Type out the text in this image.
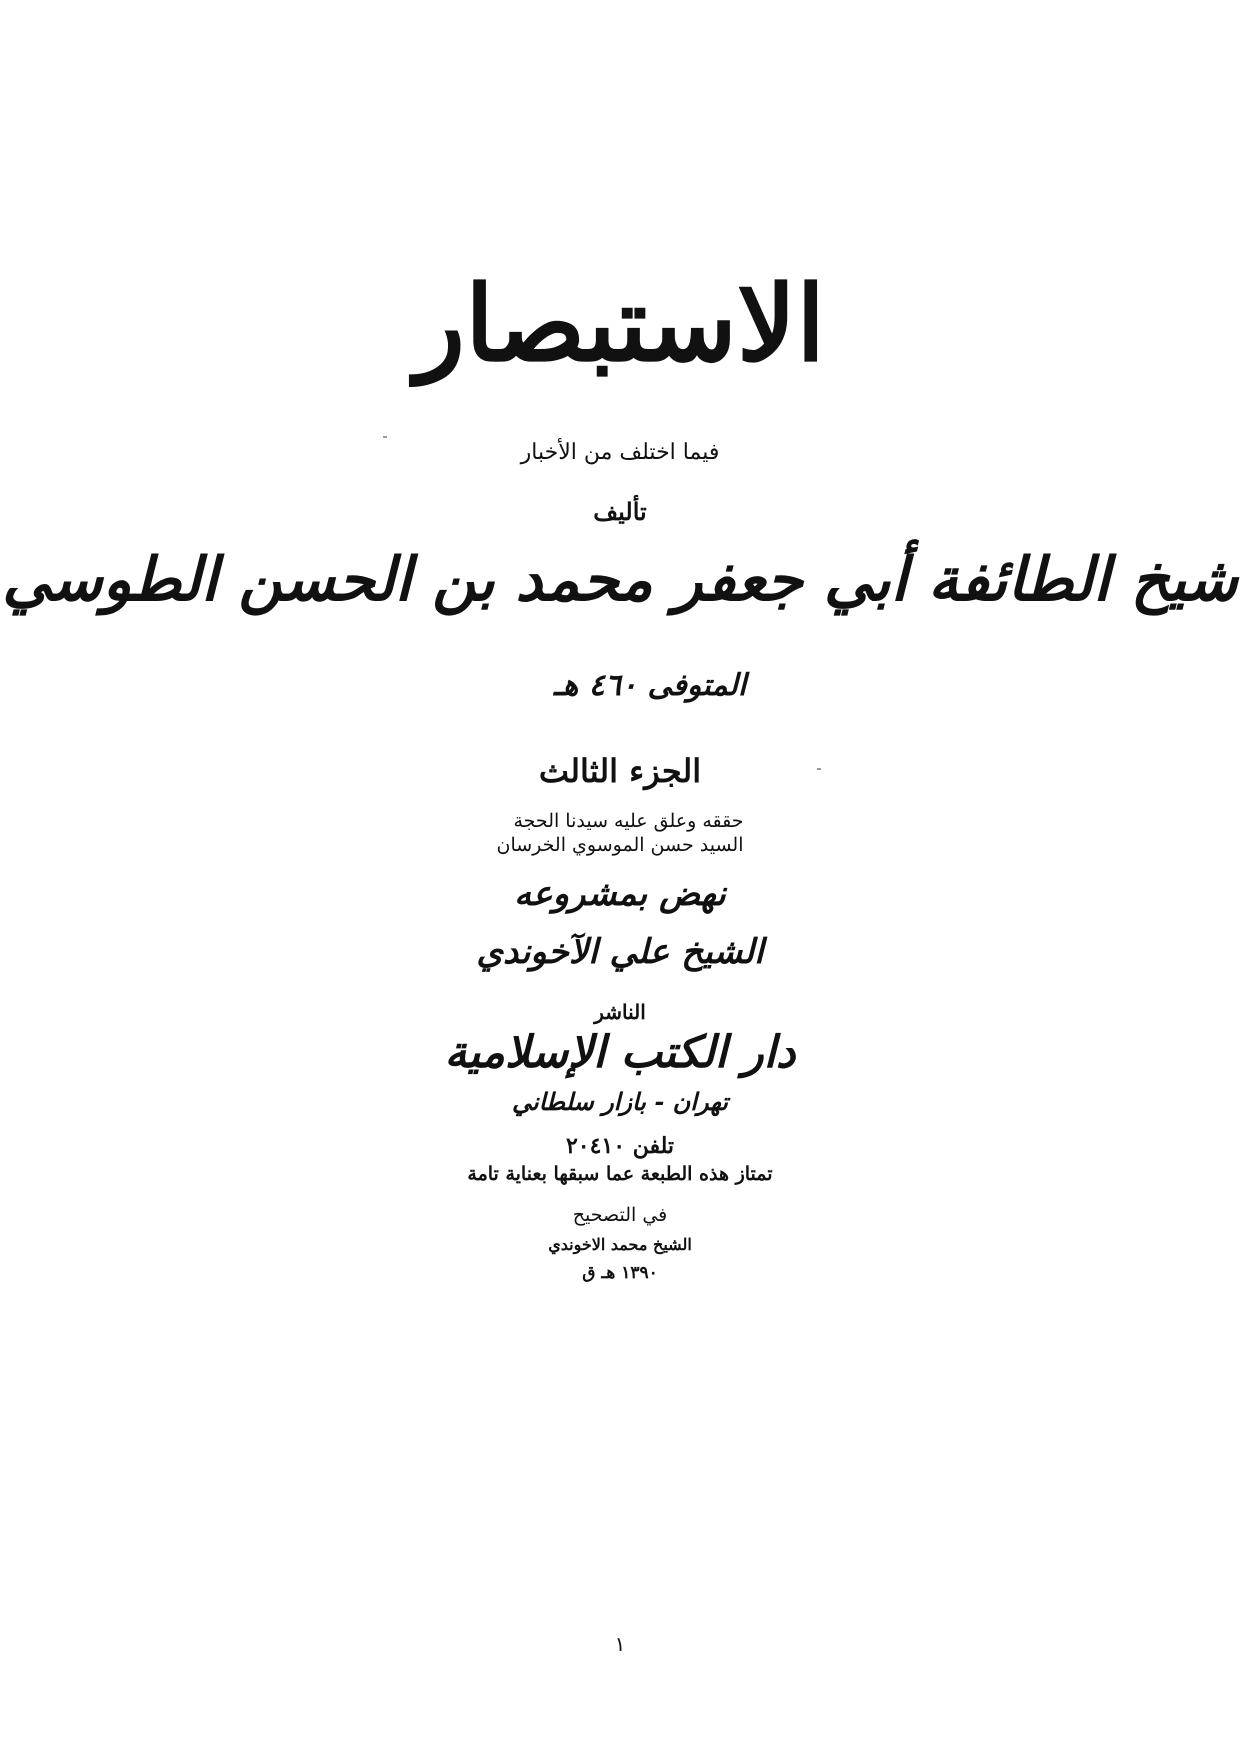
الاستبصار
فيما اختلف من الأخبار
تأليف
شيخ الطائفة أبي جعفر محمد بن الحسن الطوسي
المتوفى ٤٦٠ هـ
الجزء الثالث
حققه وعلق عليه سيدنا الحجة
السيد حسن الموسوي الخرسان
نهض بمشروعه
الشيخ علي الآخوندي
الناشر
دار الكتب الإسلامية
تهران - بازار سلطاني
تلفن ٢٠٤١٠
تمتاز هذه الطبعة عما سبقها بعناية تامة
في التصحيح
الشيخ محمد الاخوندي
١٣٩٠ هـ ق
١
